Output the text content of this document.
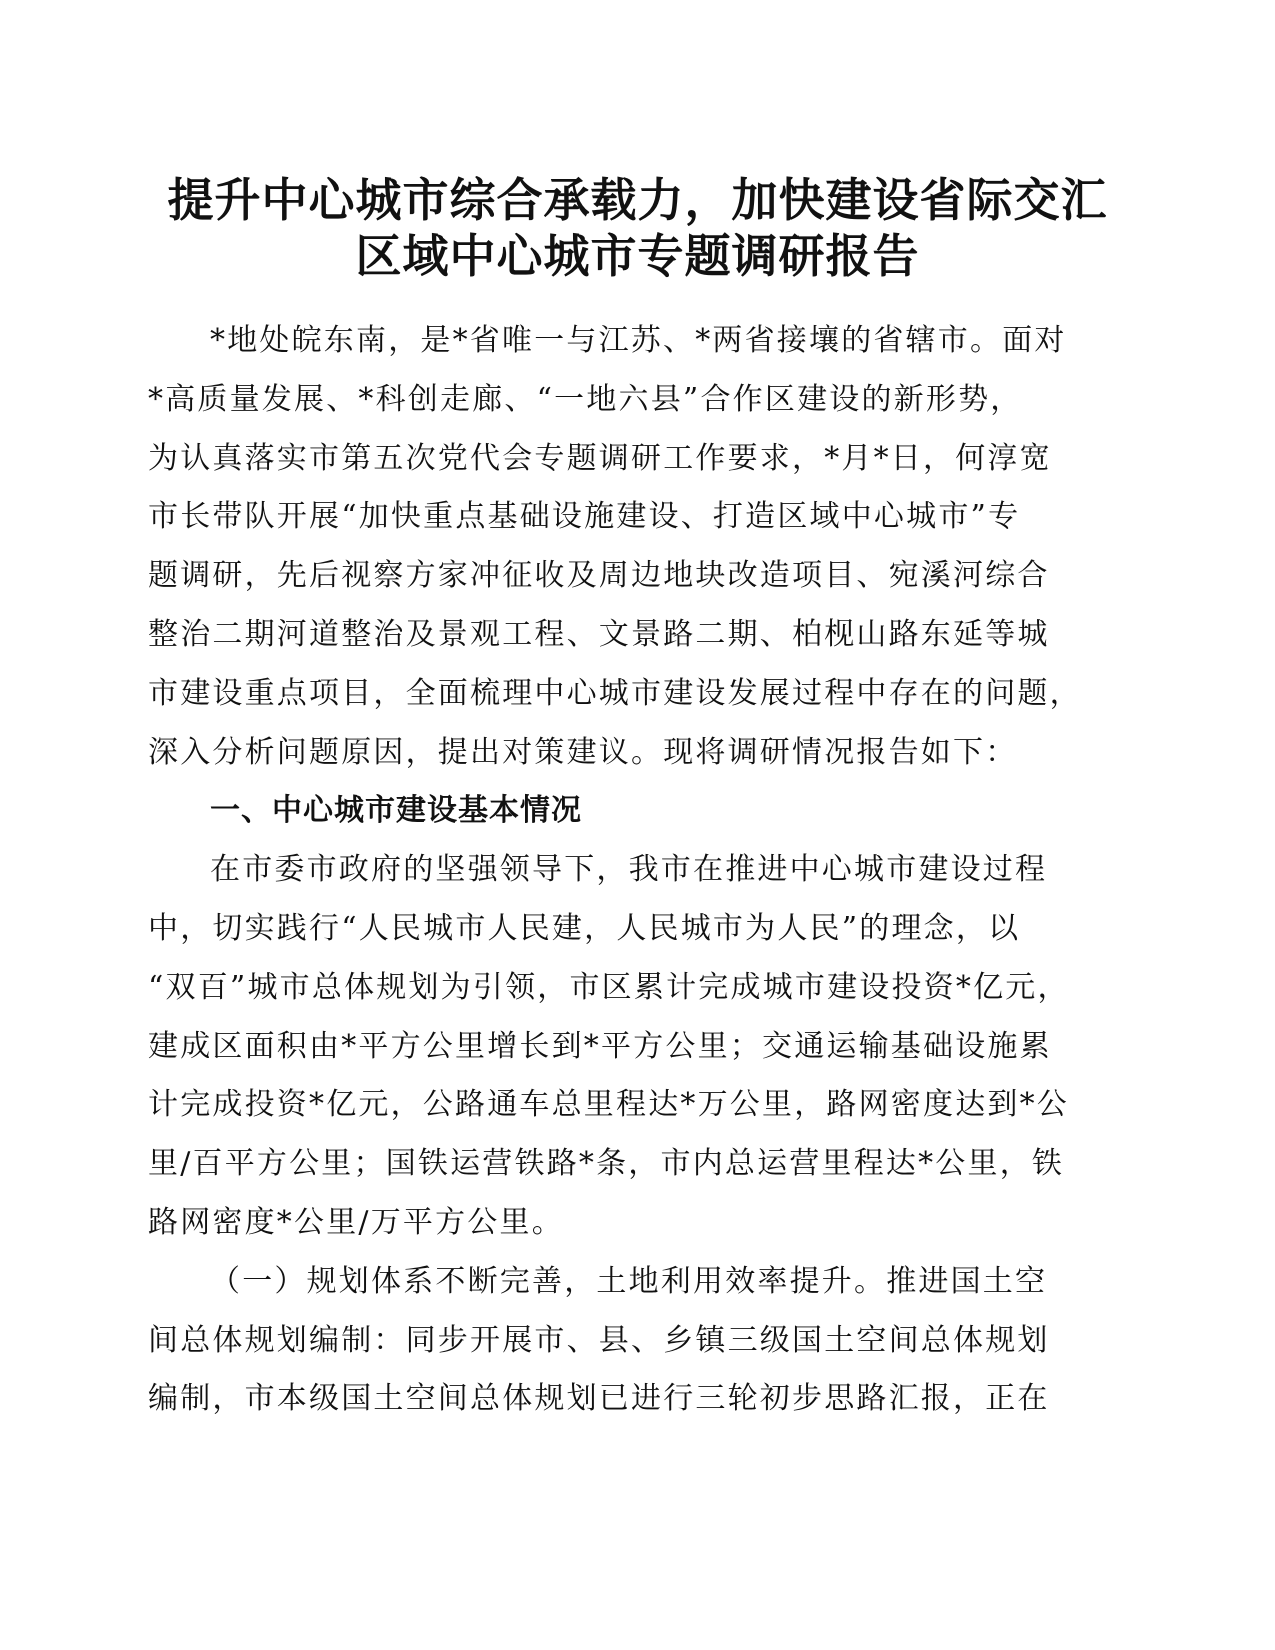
提升中心城市综合承载力，加快建设省际交汇
区域中心城市专题调研报告
*地处皖东南，是*省唯一与江苏、*两省接壤的省辖市。面对
*高质量发展、*科创走廊、“一地六县”合作区建设的新形势，
为认真落实市第五次党代会专题调研工作要求，*月*日，何淳宽
市长带队开展“加快重点基础设施建设、打造区域中心城市”专
题调研，先后视察方家冲征收及周边地块改造项目、宛溪河综合
整治二期河道整治及景观工程、文景路二期、柏枧山路东延等城
市建设重点项目，全面梳理中心城市建设发展过程中存在的问题，
深入分析问题原因，提出对策建议。现将调研情况报告如下：
一、中心城市建设基本情况
在市委市政府的坚强领导下，我市在推进中心城市建设过程
中，切实践行“人民城市人民建，人民城市为人民”的理念，以
“双百”城市总体规划为引领，市区累计完成城市建设投资*亿元，
建成区面积由*平方公里增长到*平方公里；交通运输基础设施累
计完成投资*亿元，公路通车总里程达*万公里，路网密度达到*公
里/百平方公里；国铁运营铁路*条，市内总运营里程达*公里，铁
路网密度*公里/万平方公里。
（一）规划体系不断完善，土地利用效率提升。推进国土空
间总体规划编制：同步开展市、县、乡镇三级国土空间总体规划
编制，市本级国土空间总体规划已进行三轮初步思路汇报，正在
